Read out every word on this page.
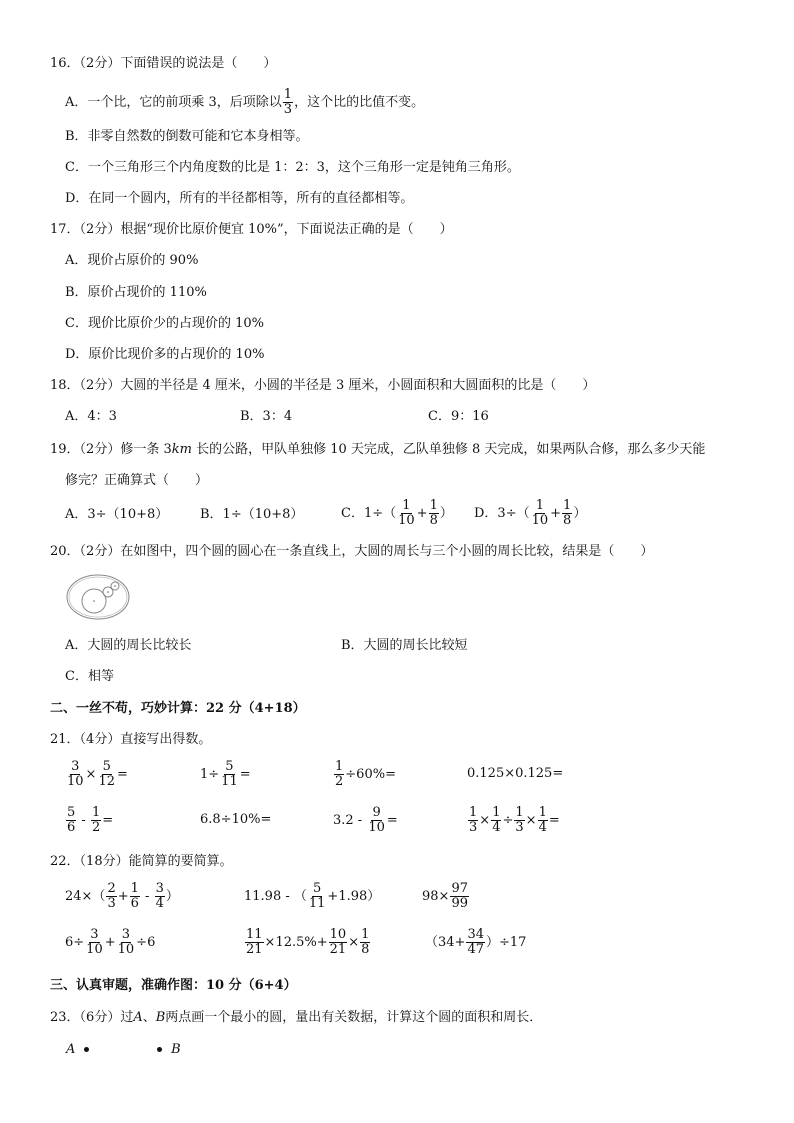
16．（2分）下面错误的说法是（　　）
A．一个比，它的前项乘 3，后项除以 $\frac{1}{3}$ ，这个比的比值不变。
B．非零自然数的倒数可能和它本身相等。
C．一个三角形三个内角度数的比是 1：2：3，这个三角形一定是钝角三角形。
D．在同一个圆内，所有的半径都相等，所有的直径都相等。
17．（2分）根据“现价比原价便宜 10%”，下面说法正确的是（　　）
A．现价占原价的 90%
B．原价占现价的 110%
C．现价比原价少的占现价的 10%
D．原价比现价多的占现价的 10%
18．（2分）大圆的半径是 4 厘米，小圆的半径是 3 厘米，小圆面积和大圆面积的比是（　　）
A．4：3	B．3：4	C．9：16
19．（2分）修一条 3km 长的公路，甲队单独修 10 天完成，乙队单独修 8 天完成，如果两队合修，那么多少天能
修完？正确算式（　　）
A．3÷（10+8） B．1÷（10+8）	C．$1\div( \frac{1}{10} + \frac{1}{8}$ ） D．$3\div( \frac{1}{10} + \frac{1}{8}$ ）
20．（2分）在如图中，四个圆的圆心在一条直线上，大圆的周长与三个小圆的周长比较，结果是（　　）
A．大圆的周长比较长	B．大圆的周长比较短
C．相等
二、一丝不苟，巧妙计算：22 分（4+18）
21．（4分）直接写出得数。
$\frac{3}{10} \times \frac{5}{12}$ =	$1\div \frac{5}{11}$ =	$\frac{1}{2} \div 60\%=$	0.125×0.125=
$\frac{5}{6} - \frac{1}{2}$ =	6.8÷10%=	$3.2 - \frac{9}{10}$ =	$\frac{1}{3} \times \frac{1}{4} \div \frac{1}{3} \times \frac{1}{4}$ =
22．（18分）能简算的要简算。
$24\times( \frac{2}{3} + \frac{1}{6} - \frac{3}{4}$ ）	11.98 - （ $\frac{5}{11} +1.98$）	$98\times \frac{97}{99}$
$6\div \frac{3}{10} + \frac{3}{10} \div 6$	$\frac{11}{21} \times 12.5\%+ \frac{10}{21} \times \frac{1}{8}$	$(34+ \frac{34}{47} )\div 17$
三、认真审题，准确作图：10 分（6+4）
23．（6分）过A、B两点画一个最小的圆，量出有关数据，计算这个圆的面积和周长．
A	B
